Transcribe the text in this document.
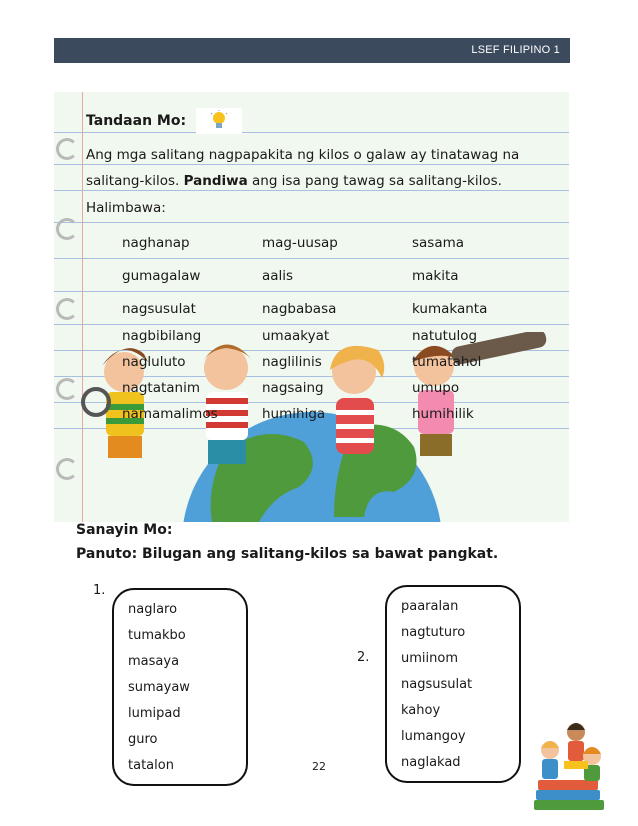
LSEF FILIPINO 1
Tandaan Mo:
Ang mga salitang nagpapakita ng kilos o galaw ay tinatawag na salitang-kilos. Pandiwa ang isa pang tawag sa salitang-kilos.
Halimbawa:
naghanap	mag-uusap	sasama
gumagalaw	aalis	makita
nagsusulat	nagbabasa	kumakanta
nagbibilang	umaakyat	natutulog
nagluluto	naglilinis	tumatahol
nagtatanim	nagsaing	umupo
namamalimos	humihiga	humihilik
Sanayin Mo:
Panuto: Bilugan ang salitang-kilos sa bawat pangkat.
1.
naglaro
tumakbo
masaya
sumayaw
lumipad
guro
tatalon
2.
paaralan
nagtuturo
umiinom
nagsusulat
kahoy
lumangoy
naglakad
22
